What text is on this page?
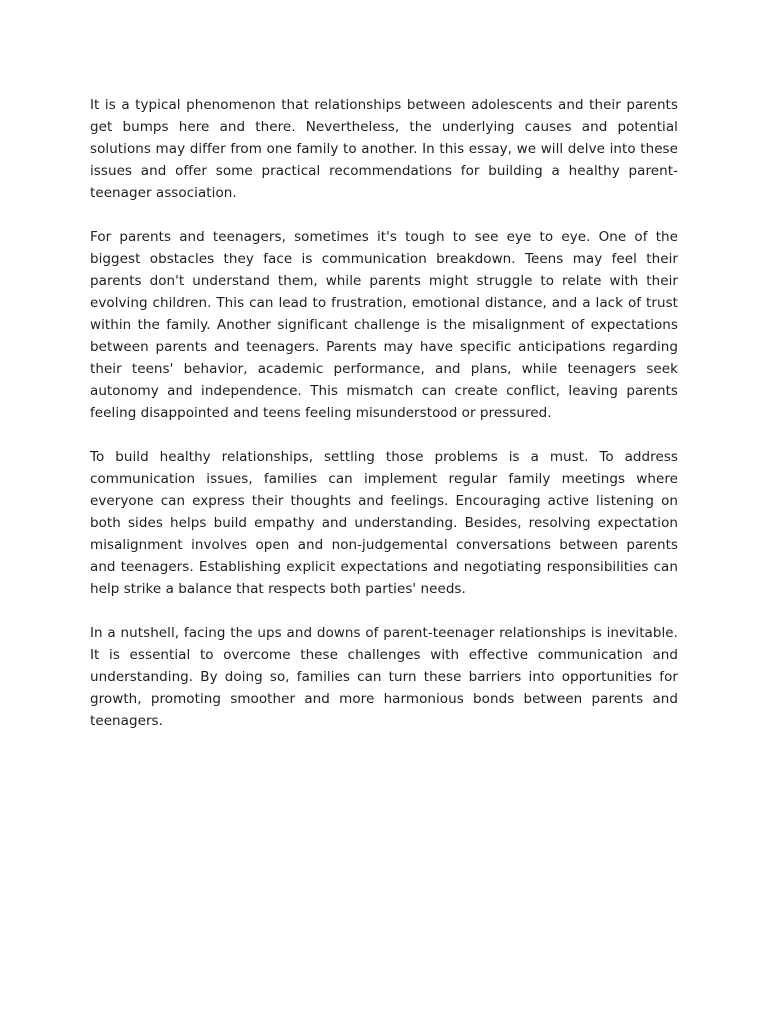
It is a typical phenomenon that relationships between adolescents and their parents get bumps here and there. Nevertheless, the underlying causes and potential solutions may differ from one family to another. In this essay, we will delve into these issues and offer some practical recommendations for building a healthy parent-teenager association.

For parents and teenagers, sometimes it's tough to see eye to eye. One of the biggest obstacles they face is communication breakdown. Teens may feel their parents don't understand them, while parents might struggle to relate with their evolving children. This can lead to frustration, emotional distance, and a lack of trust within the family. Another significant challenge is the misalignment of expectations between parents and teenagers. Parents may have specific anticipations regarding their teens' behavior, academic performance, and plans, while teenagers seek autonomy and independence. This mismatch can create conflict, leaving parents feeling disappointed and teens feeling misunderstood or pressured.

To build healthy relationships, settling those problems is a must. To address communication issues, families can implement regular family meetings where everyone can express their thoughts and feelings. Encouraging active listening on both sides helps build empathy and understanding. Besides, resolving expectation misalignment involves open and non-judgemental conversations between parents and teenagers. Establishing explicit expectations and negotiating responsibilities can help strike a balance that respects both parties' needs.

In a nutshell, facing the ups and downs of parent-teenager relationships is inevitable. It is essential to overcome these challenges with effective communication and understanding. By doing so, families can turn these barriers into opportunities for growth, promoting smoother and more harmonious bonds between parents and teenagers.
